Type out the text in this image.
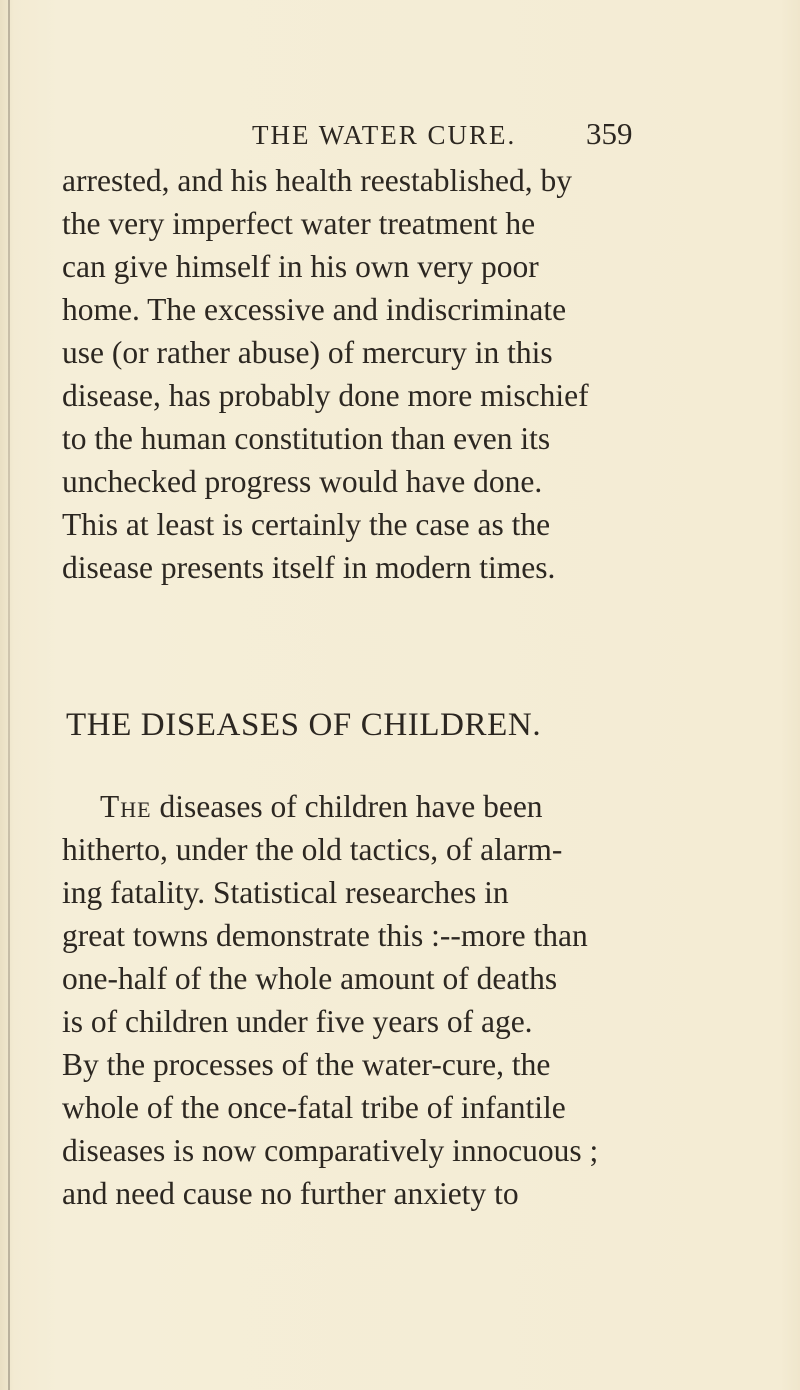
THE WATER CURE. 359
arrested, and his health reestablished, by
the very imperfect water treatment he
can give himself in his own very poor
home. The excessive and indiscriminate
use (or rather abuse) of mercury in this
disease, has probably done more mischief
to the human constitution than even its
unchecked progress would have done.
This at least is certainly the case as the
disease presents itself in modern times.
THE DISEASES OF CHILDREN.
The diseases of children have been
hitherto, under the old tactics, of alarm-
ing fatality. Statistical researches in
great towns demonstrate this :--more than
one-half of the whole amount of deaths
is of children under five years of age.
By the processes of the water-cure, the
whole of the once-fatal tribe of infantile
diseases is now comparatively innocuous ;
and need cause no further anxiety to
